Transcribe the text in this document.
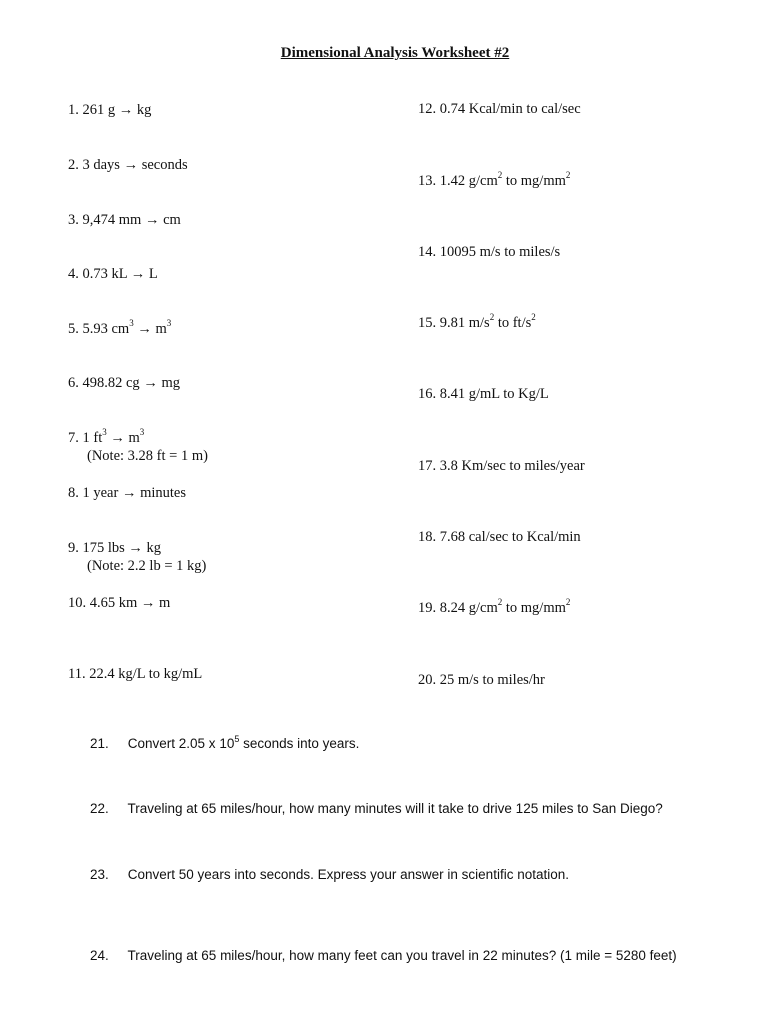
Dimensional Analysis Worksheet #2
1. 261 g → kg
2. 3 days → seconds
3. 9,474 mm → cm
4. 0.73 kL → L
5. 5.93 $cm^3 \to m^3$
6. 498.82 cg → mg
7. 1 $ft^3 \to m^3$
(Note: 3.28 ft = 1 m)
8. 1 year → minutes
9. 175 lbs → kg
(Note: 2.2 lb = 1 kg)
10. 4.65 km → m
11. 22.4 kg/L to kg/mL
12. 0.74 Kcal/min to cal/sec
13. 1.42 $g/cm^2$ to $mg/mm^2$
14. 10095 m/s to miles/s
15. 9.81 $m/s^2$ to $ft/s^2$
16. 8.41 g/mL to Kg/L
17. 3.8 Km/sec to miles/year
18. 7.68 cal/sec to Kcal/min
19. 8.24 $g/cm^2$ to $mg/mm^2$
20. 25 m/s to miles/hr
21. Convert 2.05 x $10^5$ seconds into years.
22. Traveling at 65 miles/hour, how many minutes will it take to drive 125 miles to San Diego?
23. Convert 50 years into seconds. Express your answer in scientific notation.
24. Traveling at 65 miles/hour, how many feet can you travel in 22 minutes? (1 mile = 5280 feet)
